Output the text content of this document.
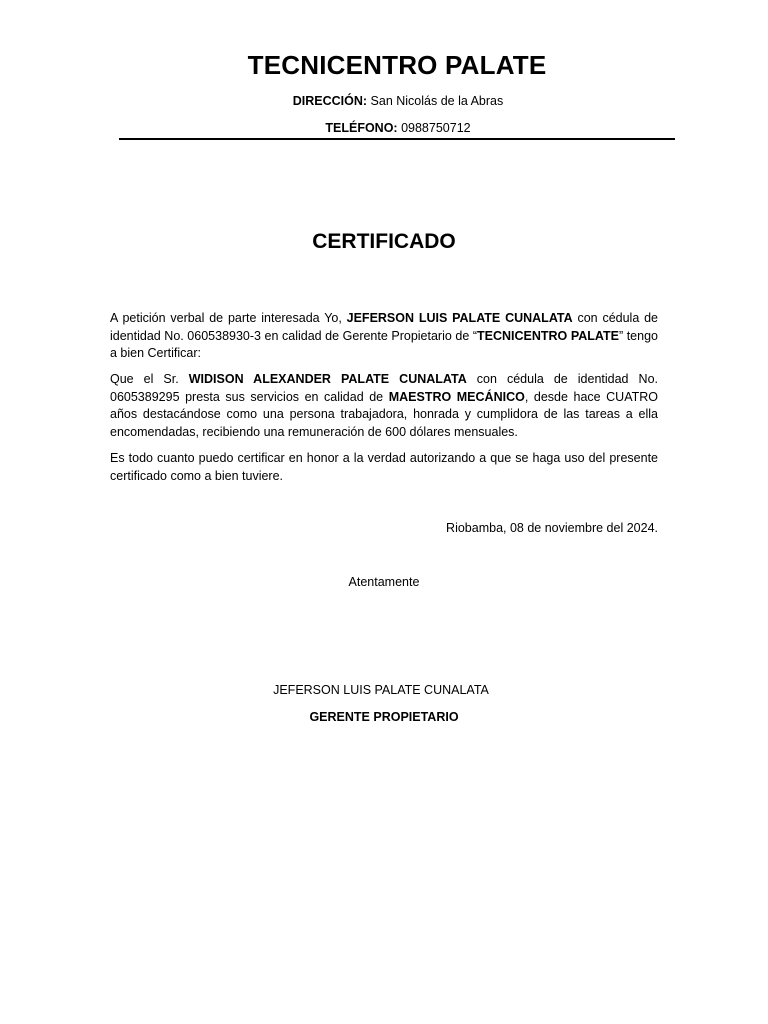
TECNICENTRO PALATE
DIRECCIÓN: San Nicolás de la Abras
TELÉFONO: 0988750712
CERTIFICADO
A petición verbal de parte interesada Yo, JEFERSON LUIS PALATE CUNALATA con cédula de identidad No. 060538930-3 en calidad de Gerente Propietario de “TECNICENTRO PALATE” tengo a bien Certificar:
Que el Sr. WIDISON ALEXANDER PALATE CUNALATA con cédula de identidad No. 0605389295 presta sus servicios en calidad de MAESTRO MECÁNICO, desde hace CUATRO años destacándose como una persona trabajadora, honrada y cumplidora de las tareas a ella encomendadas, recibiendo una remuneración de 600 dólares mensuales.
Es todo cuanto puedo certificar en honor a la verdad autorizando a que se haga uso del presente certificado como a bien tuviere.
Riobamba, 08 de noviembre del 2024.
Atentamente
JEFERSON LUIS PALATE CUNALATA
GERENTE PROPIETARIO
